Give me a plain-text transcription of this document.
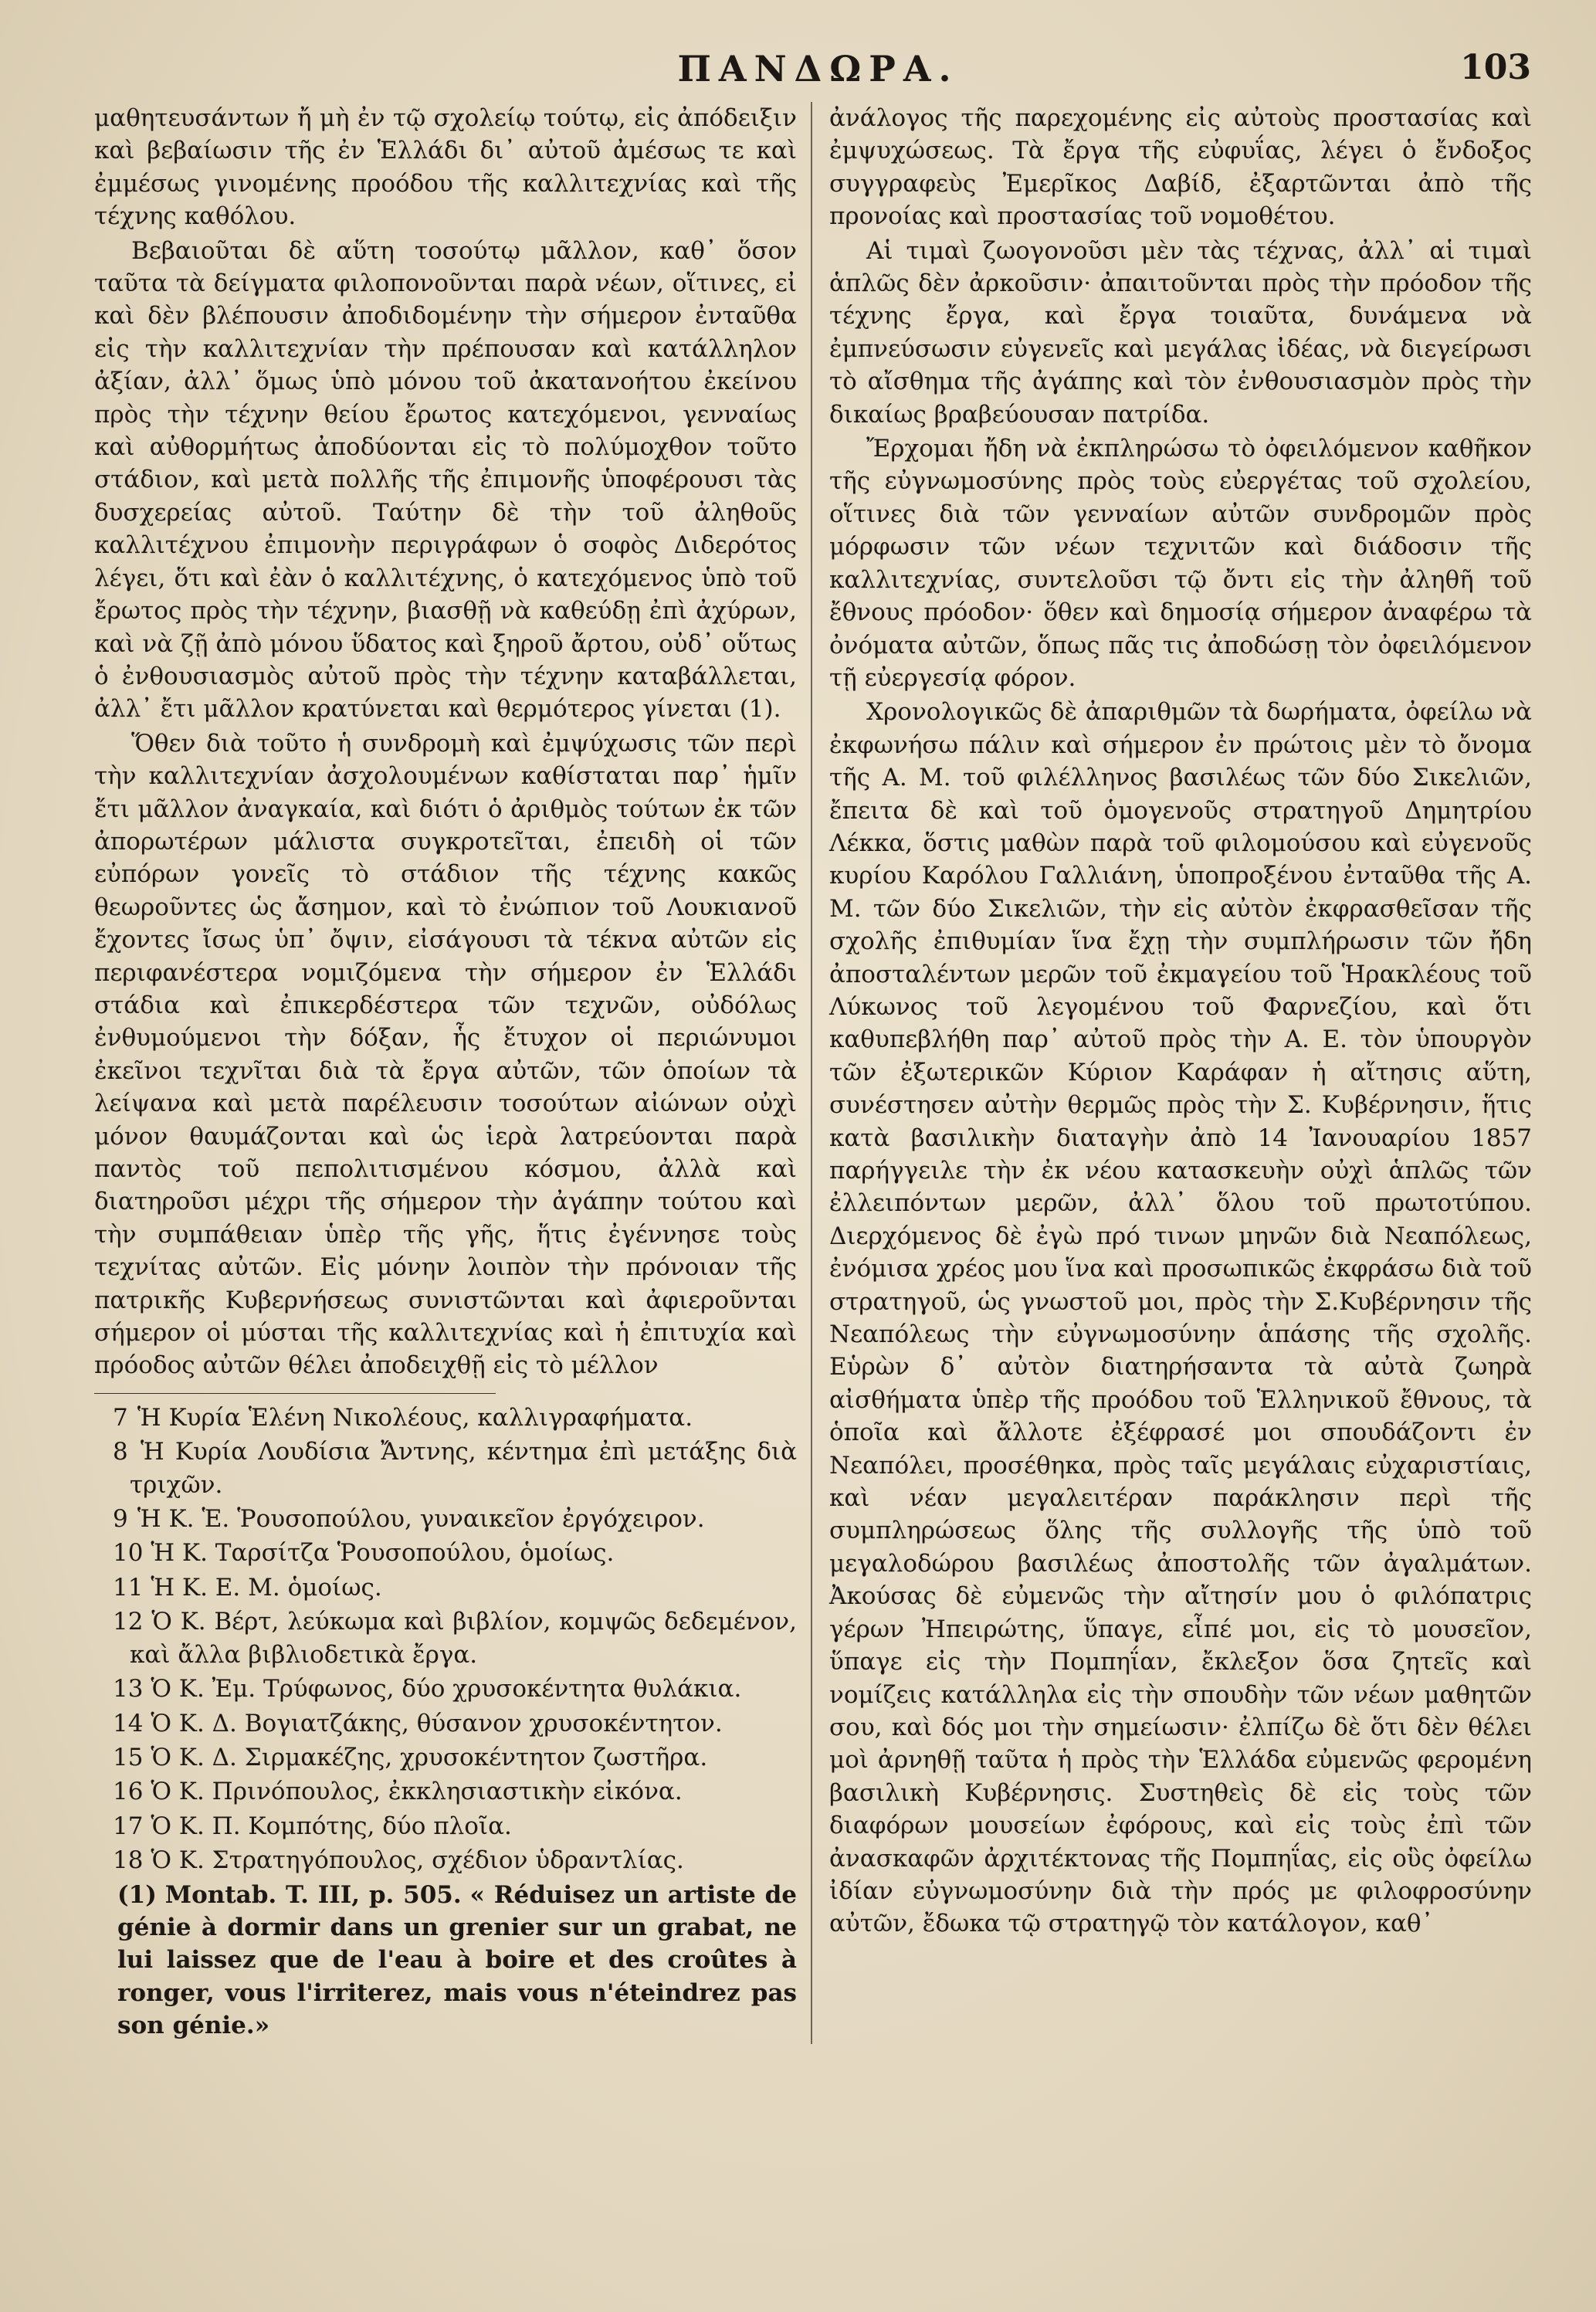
ΠΑΝΔΩΡΑ.	103

μαθητευσάντων ἤ μὴ ἐν τῷ σχολείῳ τούτῳ, εἰς ἀπόδειξιν καὶ βεβαίωσιν τῆς ἐν Ἑλλάδι δι᾽ αὐτοῦ ἀμέσως τε καὶ ἐμμέσως γινομένης προόδου τῆς καλλιτεχνίας καὶ τῆς τέχνης καθόλου.

Βεβαιοῦται δὲ αὕτη τοσούτῳ μᾶλλον, καθ᾽ ὅσον ταῦτα τὰ δείγματα φιλοπονοῦνται παρὰ νέων, οἵτινες, εἰ καὶ δὲν βλέπουσιν ἀποδιδομένην τὴν σήμερον ἐνταῦθα εἰς τὴν καλλιτεχνίαν τὴν πρέπουσαν καὶ κατάλληλον ἀξίαν, ἀλλ᾽ ὅμως ὑπὸ μόνου τοῦ ἀκατανοήτου ἐκείνου πρὸς τὴν τέχνην θείου ἔρωτος κατεχόμενοι, γενναίως καὶ αὐθορμήτως ἀποδύονται εἰς τὸ πολύμοχθον τοῦτο στάδιον, καὶ μετὰ πολλῆς τῆς ἐπιμονῆς ὑποφέρουσι τὰς δυσχερείας αὐτοῦ. Ταύτην δὲ τὴν τοῦ ἀληθοῦς καλλιτέχνου ἐπιμονὴν περιγράφων ὁ σοφὸς Διδερότος λέγει, ὅτι καὶ ἐὰν ὁ καλλιτέχνης, ὁ κατεχόμενος ὑπὸ τοῦ ἔρωτος πρὸς τὴν τέχνην, βιασθῇ νὰ καθεύδῃ ἐπὶ ἀχύρων, καὶ νὰ ζῇ ἀπὸ μόνου ὕδατος καὶ ξηροῦ ἄρτου, οὐδ᾽ οὕτως ὁ ἐνθουσιασμὸς αὐτοῦ πρὸς τὴν τέχνην καταβάλλεται, ἀλλ᾽ ἔτι μᾶλλον κρατύνεται καὶ θερμότερος γίνεται (1).

Ὅθεν διὰ τοῦτο ἡ συνδρομὴ καὶ ἐμψύχωσις τῶν περὶ τὴν καλλιτεχνίαν ἀσχολουμένων καθίσταται παρ᾽ ἡμῖν ἔτι μᾶλλον ἀναγκαία, καὶ διότι ὁ ἀριθμὸς τούτων ἐκ τῶν ἀπορωτέρων μάλιστα συγκροτεῖται, ἐπειδὴ οἱ τῶν εὐπόρων γονεῖς τὸ στάδιον τῆς τέχνης κακῶς θεωροῦντες ὡς ἄσημον, καὶ τὸ ἐνώπιον τοῦ Λουκιανοῦ ἔχοντες ἴσως ὑπ᾽ ὄψιν, εἰσάγουσι τὰ τέκνα αὐτῶν εἰς περιφανέστερα νομιζόμενα τὴν σήμερον ἐν Ἑλλάδι στάδια καὶ ἐπικερδέστερα τῶν τεχνῶν, οὐδόλως ἐνθυμούμενοι τὴν δόξαν, ἧς ἔτυχον οἱ περιώνυμοι ἐκεῖνοι τεχνῖται διὰ τὰ ἔργα αὐτῶν, τῶν ὁποίων τὰ λείψανα καὶ μετὰ παρέλευσιν τοσούτων αἰώνων οὐχὶ μόνον θαυμάζονται καὶ ὡς ἱερὰ λατρεύονται παρὰ παντὸς τοῦ πεπολιτισμένου κόσμου, ἀλλὰ καὶ διατηροῦσι μέχρι τῆς σήμερον τὴν ἀγάπην τούτου καὶ τὴν συμπάθειαν ὑπὲρ τῆς γῆς, ἥτις ἐγέννησε τοὺς τεχνίτας αὐτῶν. Εἰς μόνην λοιπὸν τὴν πρόνοιαν τῆς πατρικῆς Κυβερνήσεως συνιστῶνται καὶ ἀφιεροῦνται σήμερον οἱ μύσται τῆς καλλιτεχνίας καὶ ἡ ἐπιτυχία καὶ πρόοδος αὐτῶν θέλει ἀποδειχθῇ εἰς τὸ μέλλον

7 Ἡ Κυρία Ἑλένη Νικολέους, καλλιγραφήματα.

8 Ἡ Κυρία Λουδίσια Ἄντνης, κέντημα ἐπὶ μετάξης διὰ τριχῶν.

9 Ἡ Κ. Ἑ. Ῥουσοπούλου, γυναικεῖον ἐργόχειρον.

10 Ἡ Κ. Ταρσίτζα Ῥουσοπούλου, ὁμοίως.

11 Ἡ Κ. Ε. Μ. ὁμοίως.

12 Ὁ Κ. Βέρτ, λεύκωμα καὶ βιβλίον, κομψῶς δεδεμένον, καὶ ἄλλα βιβλιοδετικὰ ἔργα.

13 Ὁ Κ. Ἐμ. Τρύφωνος, δύο χρυσοκέντητα θυλάκια.

14 Ὁ Κ. Δ. Βογιατζάκης, θύσανον χρυσοκέντητον.

15 Ὁ Κ. Δ. Σιρμακέζης, χρυσοκέντητον ζωστῆρα.

16 Ὁ Κ. Πρινόπουλος, ἐκκλησιαστικὴν εἰκόνα.

17 Ὁ Κ. Π. Κομπότης, δύο πλοῖα.

18 Ὁ Κ. Στρατηγόπουλος, σχέδιον ὑδραντλίας.

(1) Montab. T. III, p. 505. « Réduisez un artiste de génie à dormir dans un grenier sur un grabat, ne lui laissez que de l'eau à boire et des croûtes à ronger, vous l'irriterez, mais vous n'éteindrez pas son génie.»

ἀνάλογος τῆς παρεχομένης εἰς αὐτοὺς προστασίας καὶ ἐμψυχώσεως. Τὰ ἔργα τῆς εὐφυΐας, λέγει ὁ ἔνδοξος συγγραφεὺς Ἐμερῖκος Δαβίδ, ἐξαρτῶνται ἀπὸ τῆς προνοίας καὶ προστασίας τοῦ νομοθέτου.

Αἱ τιμαὶ ζωογονοῦσι μὲν τὰς τέχνας, ἀλλ᾽ αἱ τιμαὶ ἁπλῶς δὲν ἀρκοῦσιν· ἀπαιτοῦνται πρὸς τὴν πρόοδον τῆς τέχνης ἔργα, καὶ ἔργα τοιαῦτα, δυνάμενα νὰ ἐμπνεύσωσιν εὐγενεῖς καὶ μεγάλας ἰδέας, νὰ διεγείρωσι τὸ αἴσθημα τῆς ἀγάπης καὶ τὸν ἐνθουσιασμὸν πρὸς τὴν δικαίως βραβεύουσαν πατρίδα.

Ἔρχομαι ἤδη νὰ ἐκπληρώσω τὸ ὀφειλόμενον καθῆκον τῆς εὐγνωμοσύνης πρὸς τοὺς εὐεργέτας τοῦ σχολείου, οἵτινες διὰ τῶν γενναίων αὐτῶν συνδρομῶν πρὸς μόρφωσιν τῶν νέων τεχνιτῶν καὶ διάδοσιν τῆς καλλιτεχνίας, συντελοῦσι τῷ ὄντι εἰς τὴν ἀληθῆ τοῦ ἔθνους πρόοδον· ὅθεν καὶ δημοσίᾳ σήμερον ἀναφέρω τὰ ὀνόματα αὐτῶν, ὅπως πᾶς τις ἀποδώσῃ τὸν ὀφειλόμενον τῇ εὐεργεσίᾳ φόρον.

Χρονολογικῶς δὲ ἀπαριθμῶν τὰ δωρήματα, ὀφείλω νὰ ἐκφωνήσω πάλιν καὶ σήμερον ἐν πρώτοις μὲν τὸ ὄνομα τῆς Α. Μ. τοῦ φιλέλληνος βασιλέως τῶν δύο Σικελιῶν, ἔπειτα δὲ καὶ τοῦ ὁμογενοῦς στρατηγοῦ Δημητρίου Λέκκα, ὅστις μαθὼν παρὰ τοῦ φιλομούσου καὶ εὐγενοῦς κυρίου Καρόλου Γαλλιάνη, ὑποπροξένου ἐνταῦθα τῆς Α. Μ. τῶν δύο Σικελιῶν, τὴν εἰς αὐτὸν ἐκφρασθεῖσαν τῆς σχολῆς ἐπιθυμίαν ἵνα ἔχῃ τὴν συμπλήρωσιν τῶν ἤδη ἀποσταλέντων μερῶν τοῦ ἐκμαγείου τοῦ Ἡρακλέους τοῦ Λύκωνος τοῦ λεγομένου τοῦ Φαρνεζίου, καὶ ὅτι καθυπεβλήθη παρ᾽ αὐτοῦ πρὸς τὴν Α. Ε. τὸν ὑπουργὸν τῶν ἐξωτερικῶν Κύριον Καράφαν ἡ αἴτησις αὕτη, συνέστησεν αὐτὴν θερμῶς πρὸς τὴν Σ. Κυβέρνησιν, ἥτις κατὰ βασιλικὴν διαταγὴν ἀπὸ 14 Ἰανουαρίου 1857 παρήγγειλε τὴν ἐκ νέου κατασκευὴν οὐχὶ ἁπλῶς τῶν ἐλλειπόντων μερῶν, ἀλλ᾽ ὅλου τοῦ πρωτοτύπου. Διερχόμενος δὲ ἐγὼ πρό τινων μηνῶν διὰ Νεαπόλεως, ἐνόμισα χρέος μου ἵνα καὶ προσωπικῶς ἐκφράσω διὰ τοῦ στρατηγοῦ, ὡς γνωστοῦ μοι, πρὸς τὴν Σ.Κυβέρνησιν τῆς Νεαπόλεως τὴν εὐγνωμοσύνην ἁπάσης τῆς σχολῆς. Εὑρὼν δ᾽ αὐτὸν διατηρήσαντα τὰ αὐτὰ ζωηρὰ αἰσθήματα ὑπὲρ τῆς προόδου τοῦ Ἑλληνικοῦ ἔθνους, τὰ ὁποῖα καὶ ἄλλοτε ἐξέφρασέ μοι σπουδάζοντι ἐν Νεαπόλει, προσέθηκα, πρὸς ταῖς μεγάλαις εὐχαριστίαις, καὶ νέαν μεγαλειτέραν παράκλησιν περὶ τῆς συμπληρώσεως ὅλης τῆς συλλογῆς τῆς ὑπὸ τοῦ μεγαλοδώρου βασιλέως ἀποστολῆς τῶν ἀγαλμάτων. Ἀκούσας δὲ εὐμενῶς τὴν αἴτησίν μου ὁ φιλόπατρις γέρων Ἠπειρώτης, ὕπαγε, εἶπέ μοι, εἰς τὸ μουσεῖον, ὕπαγε εἰς τὴν Πομπηΐαν, ἔκλεξον ὅσα ζητεῖς καὶ νομίζεις κατάλληλα εἰς τὴν σπουδὴν τῶν νέων μαθητῶν σου, καὶ δός μοι τὴν σημείωσιν· ἐλπίζω δὲ ὅτι δὲν θέλει μοὶ ἀρνηθῇ ταῦτα ἡ πρὸς τὴν Ἑλλάδα εὐμενῶς φερομένη βασιλικὴ Κυβέρνησις. Συστηθεὶς δὲ εἰς τοὺς τῶν διαφόρων μουσείων ἐφόρους, καὶ εἰς τοὺς ἐπὶ τῶν ἀνασκαφῶν ἀρχιτέκτονας τῆς Πομπηΐας, εἰς οὓς ὀφείλω ἰδίαν εὐγνωμοσύνην διὰ τὴν πρός με φιλοφροσύνην αὐτῶν, ἔδωκα τῷ στρατηγῷ τὸν κατάλογον, καθ᾽
